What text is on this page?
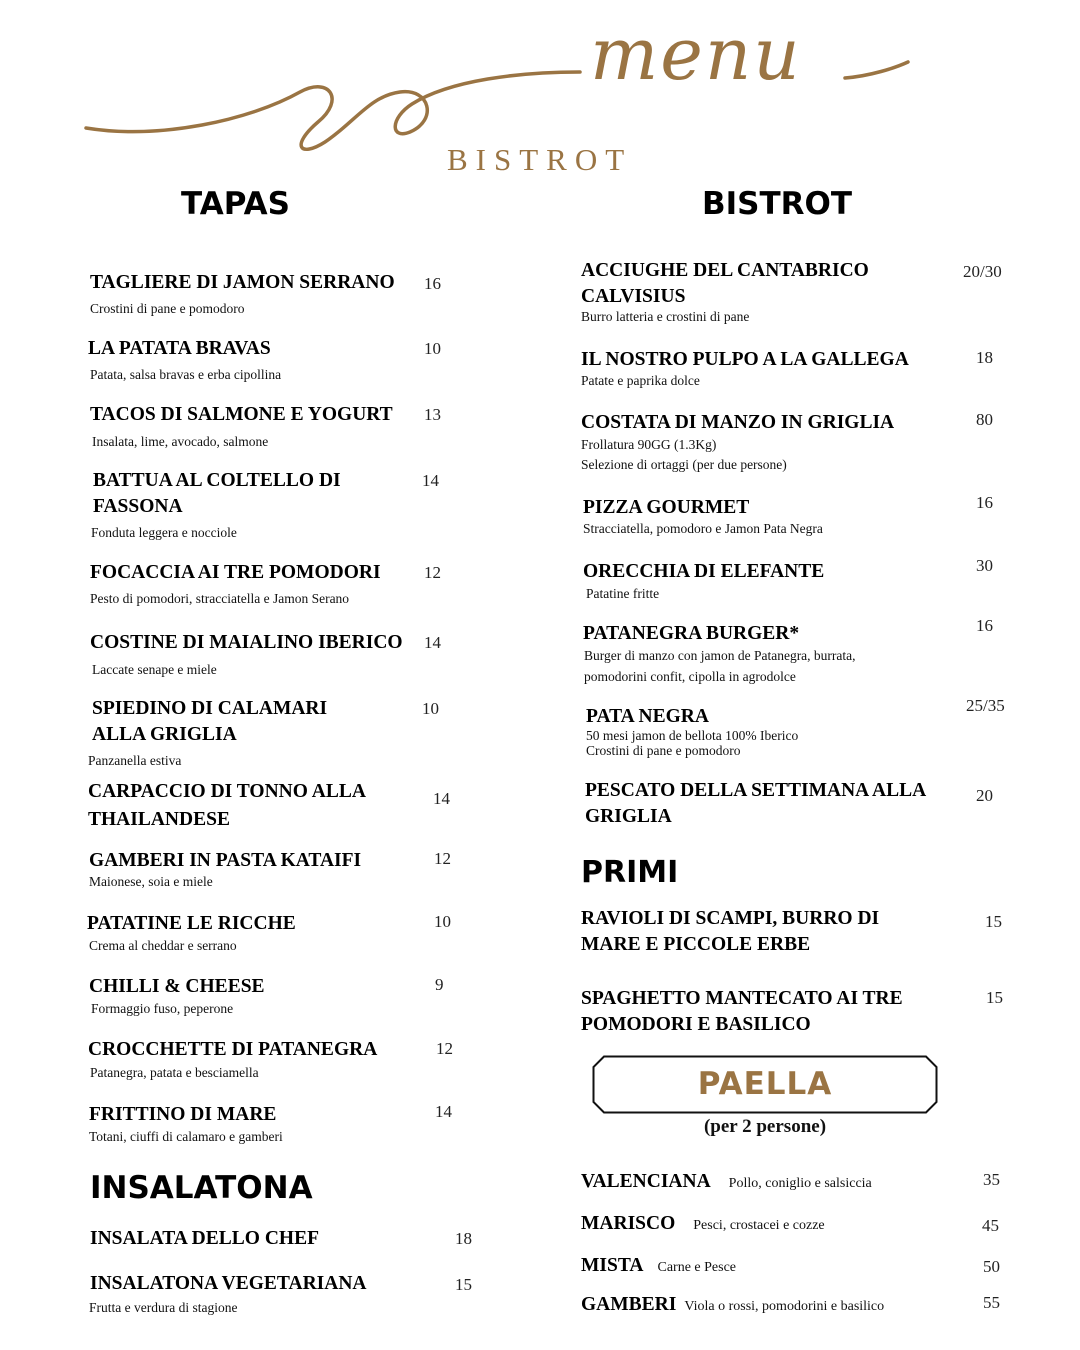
menu
BISTROT
TAPAS	BISTROT
INSALATONA
PRIMI
TAGLIERE DI JAMON SERRANO
Crostini di pane e pomodoro
16
LA PATATA BRAVAS
Patata, salsa bravas e erba cipollina
10
TACOS DI SALMONE E YOGURT
Insalata, lime, avocado, salmone
13
BATTUA AL COLTELLO DI
FASSONA
Fonduta leggera e nocciole
14
FOCACCIA AI TRE POMODORI
Pesto di pomodori, stracciatella e Jamon Serano
12
COSTINE DI MAIALINO IBERICO
Laccate senape e miele
14
SPIEDINO DI CALAMARI
ALLA GRIGLIA
Panzanella estiva
10
CARPACCIO DI TONNO ALLA
THAILANDESE
14
GAMBERI IN PASTA KATAIFI
Maionese, soia e miele
12
PATATINE LE RICCHE
Crema al cheddar e serrano
10
CHILLI & CHEESE
Formaggio fuso, peperone
9
CROCCHETTE DI PATANEGRA
Patanegra, patata e besciamella
12
FRITTINO DI MARE
Totani, ciuffi di calamaro e gamberi
14
INSALATA DELLO CHEF	18
INSALATONA VEGETARIANA
Frutta e verdura di stagione
15
ACCIUGHE DEL CANTABRICO
CALVISIUS
Burro latteria e crostini di pane
20/30
IL NOSTRO PULPO A LA GALLEGA
Patate e paprika dolce
18
COSTATA DI MANZO IN GRIGLIA
Frollatura 90GG (1.3Kg)
Selezione di ortaggi (per due persone)
80
PIZZA GOURMET
Stracciatella, pomodoro e Jamon Pata Negra
16
ORECCHIA DI ELEFANTE
Patatine fritte
30
PATANEGRA BURGER*
Burger di manzo con jamon de Patanegra, burrata,
pomodorini confit, cipolla in agrodolce
16
PATA NEGRA
50 mesi jamon de bellota 100% Iberico
Crostini di pane e pomodoro
25/35
PESCATO DELLA SETTIMANA ALLA
GRIGLIA
20
RAVIOLI DI SCAMPI, BURRO DI
MARE E PICCOLE ERBE
15
SPAGHETTO MANTECATO AI TRE
POMODORI E BASILICO
15
PAELLA
(per 2 persone)
VALENCIANA Pollo, coniglio e salsiccia	35
MARISCO Pesci, crostacei e cozze	45
MISTA Carne e Pesce	50
GAMBERI Viola o rossi, pomodorini e basilico	55
